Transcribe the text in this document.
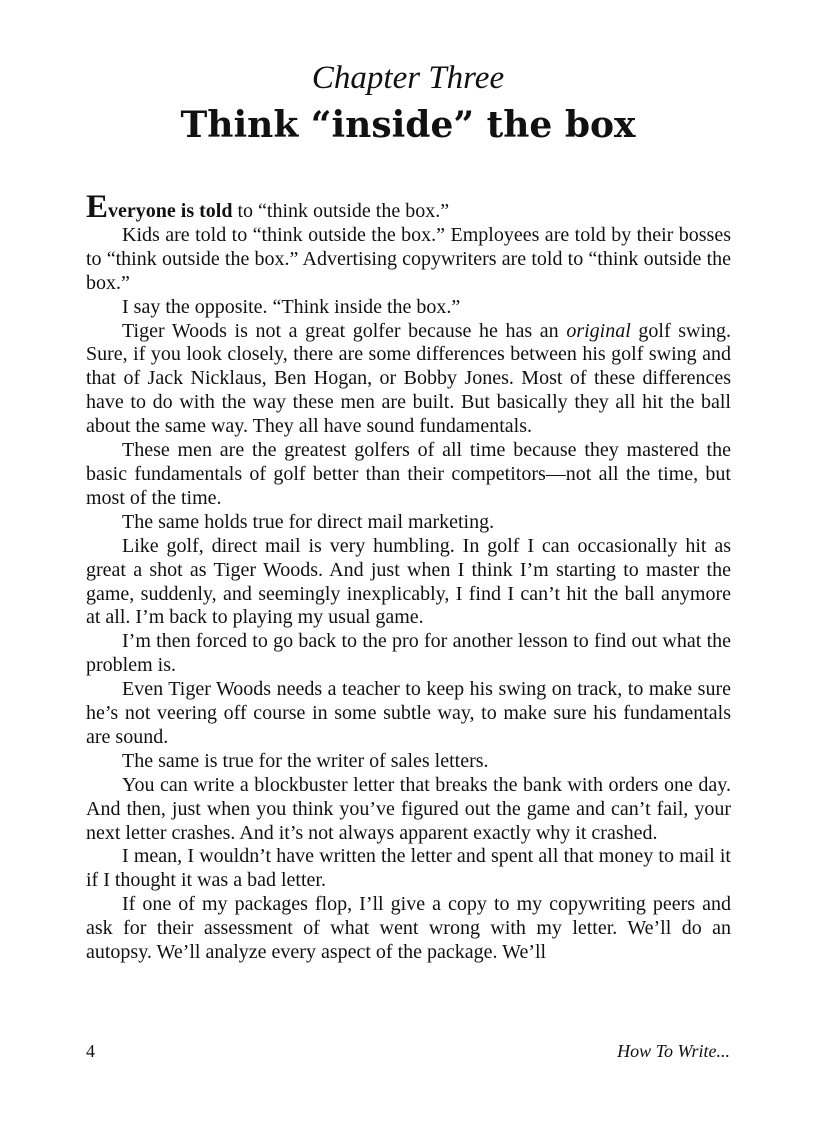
Chapter Three
Think “inside” the box

Everyone is told to “think outside the box.”

Kids are told to “think outside the box.” Employees are told by their bosses to “think outside the box.” Advertising copywriters are told to “think outside the box.”

I say the opposite. “Think inside the box.”

Tiger Woods is not a great golfer because he has an original golf swing. Sure, if you look closely, there are some differences between his golf swing and that of Jack Nicklaus, Ben Hogan, or Bobby Jones. Most of these differences have to do with the way these men are built. But basically they all hit the ball about the same way. They all have sound fundamentals.

These men are the greatest golfers of all time because they mastered the basic fundamentals of golf better than their competitors—not all the time, but most of the time.

The same holds true for direct mail marketing.

Like golf, direct mail is very humbling. In golf I can occasionally hit as great a shot as Tiger Woods. And just when I think I’m starting to master the game, suddenly, and seemingly inexplicably, I find I can’t hit the ball anymore at all. I’m back to playing my usual game.

I’m then forced to go back to the pro for another lesson to find out what the problem is.

Even Tiger Woods needs a teacher to keep his swing on track, to make sure he’s not veering off course in some subtle way, to make sure his fundamentals are sound.

The same is true for the writer of sales letters.

You can write a blockbuster letter that breaks the bank with orders one day. And then, just when you think you’ve figured out the game and can’t fail, your next letter crashes. And it’s not always apparent exactly why it crashed.

I mean, I wouldn’t have written the letter and spent all that money to mail it if I thought it was a bad letter.

If one of my packages flop, I’ll give a copy to my copywriting peers and ask for their assessment of what went wrong with my letter. We’ll do an autopsy. We’ll analyze every aspect of the package. We’ll

4	How To Write...
